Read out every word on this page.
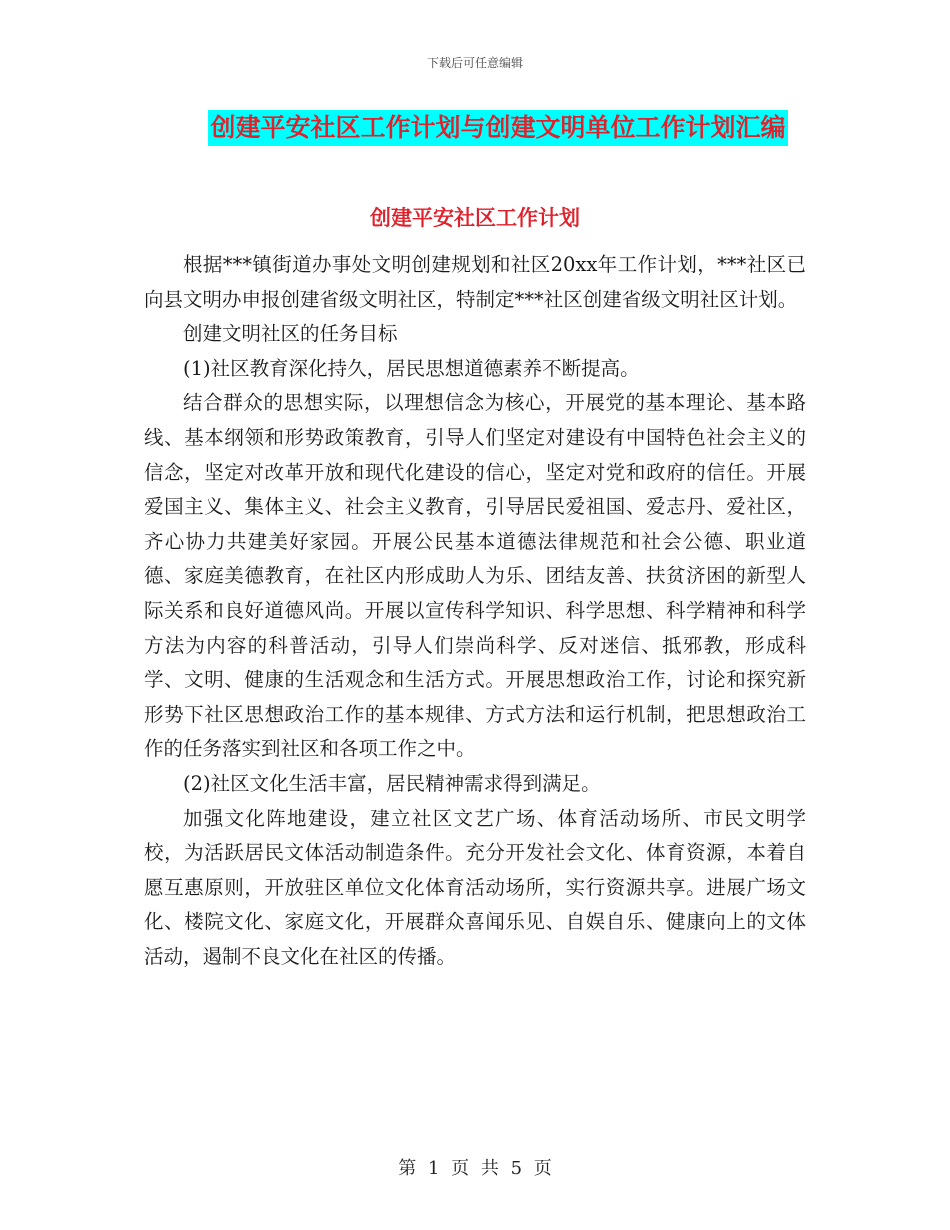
下载后可任意编辑
创建平安社区工作计划与创建文明单位工作计划汇编
创建平安社区工作计划

根据***镇街道办事处文明创建规划和社区20xx年工作计划，***社区已向县文明办申报创建省级文明社区，特制定***社区创建省级文明社区计划。

创建文明社区的任务目标

(1)社区教育深化持久，居民思想道德素养不断提高。

结合群众的思想实际，以理想信念为核心，开展党的基本理论、基本路线、基本纲领和形势政策教育，引导人们坚定对建设有中国特色社会主义的信念，坚定对改革开放和现代化建设的信心，坚定对党和政府的信任。开展爱国主义、集体主义、社会主义教育，引导居民爱祖国、爱志丹、爱社区，齐心协力共建美好家园。开展公民基本道德法律规范和社会公德、职业道德、家庭美德教育，在社区内形成助人为乐、团结友善、扶贫济困的新型人际关系和良好道德风尚。开展以宣传科学知识、科学思想、科学精神和科学方法为内容的科普活动，引导人们崇尚科学、反对迷信、抵邪教，形成科学、文明、健康的生活观念和生活方式。开展思想政治工作，讨论和探究新形势下社区思想政治工作的基本规律、方式方法和运行机制，把思想政治工作的任务落实到社区和各项工作之中。

(2)社区文化生活丰富，居民精神需求得到满足。

加强文化阵地建设，建立社区文艺广场、体育活动场所、市民文明学校，为活跃居民文体活动制造条件。充分开发社会文化、体育资源，本着自愿互惠原则，开放驻区单位文化体育活动场所，实行资源共享。进展广场文化、楼院文化、家庭文化，开展群众喜闻乐见、自娱自乐、健康向上的文体活动，遏制不良文化在社区的传播。

第 1 页 共 5 页
